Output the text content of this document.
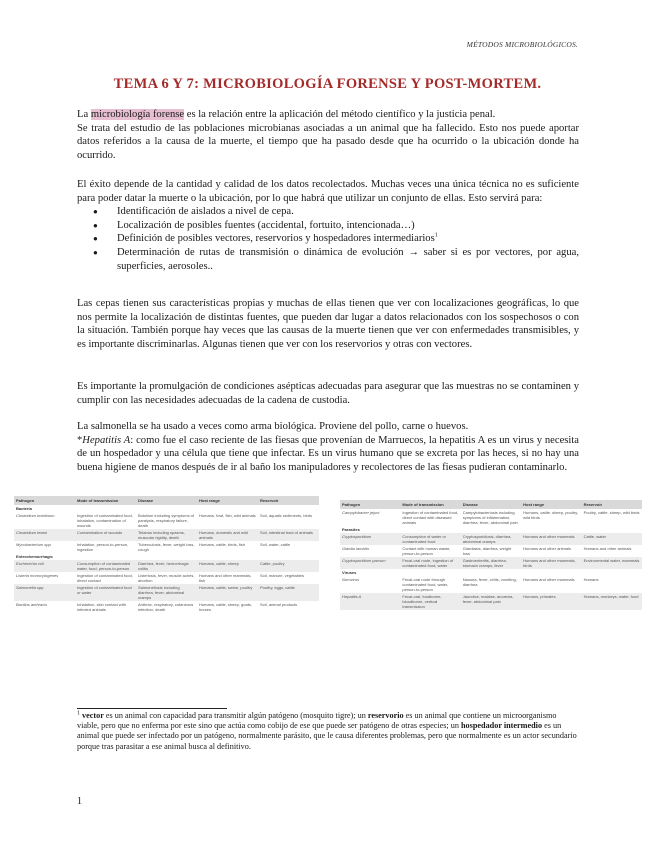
MÉTODOS MICROBIOLÓGICOS.
TEMA 6 Y 7: MICROBIOLOGÍA FORENSE Y POST-MORTEM.

La microbiología forense es la relación entre la aplicación del método científico y la justicia penal.

Se trata del estudio de las poblaciones microbianas asociadas a un animal que ha fallecido. Esto nos puede aportar datos referidos a la causa de la muerte, el tiempo que ha pasado desde que ha ocurrido o la ubicación donde ha ocurrido.

El éxito depende de la cantidad y calidad de los datos recolectados. Muchas veces una única técnica no es suficiente para poder datar la muerte o la ubicación, por lo que habrá que utilizar un conjunto de ellas. Esto servirá para:

● Identificación de aislados a nivel de cepa.
● Localización de posibles fuentes (accidental, fortuito, intencionada…)
● Definición de posibles vectores, reservorios y hospedadores intermediarios$^1$
● Determinación de rutas de transmisión o dinámica de evolución → saber si es por vectores, por agua, superficies, aerosoles..
Las cepas tienen sus características propias y muchas de ellas tienen que ver con localizaciones geográficas, lo que nos permite la localización de distintas fuentes, que pueden dar lugar a datos relacionados con los sospechosos o con la situación. También porque hay veces que las causas de la muerte tienen que ver con enfermedades transmisibles, y es importante discriminarlas. Algunas tienen que ver con los reservorios y otras con vectores.
Es importante la promulgación de condiciones asépticas adecuadas para asegurar que las muestras no se contaminen y cumplir con las necesidades adecuadas de la cadena de custodia.

La salmonella se ha usado a veces como arma biológica. Proviene del pollo, carne o huevos.

*Hepatitis A: como fue el caso reciente de las fiesas que provenían de Marruecos, la hepatitis A es un virus y necesita de un hospedador y una célula que tiene que infectar. Es un virus humano que se excreta por las heces, si no hay una buena higiene de manos después de ir al baño los manipuladores y recolectores de las fiesas pudieran contaminarlo.

Pathogen	Mode of transmission	Disease	Host range	Reservoir
Bacteria				
Clostridium botulinum	Ingestion of contaminated food, inhalation, contamination of wounds	Botulism including symptoms of paralysis, respiratory failure, death	Humans, fowl, fish, wild animals	Soil, aquatic sediments, birds
Clostridium tetani	Contamination of wounds	Tetanus including spasms, muscular rigidity, death	Humans, domestic and wild animals	Soil, intestinal tract of animals
Mycobacterium spp.	Inhalation, person-to-person, ingestion	Tuberculosis, fever, weight loss, cough	Humans, cattle, birds, fish	Soil, water, cattle
Enterohemorrhagic				
Escherichia coli	Consumption of contaminated water, food, person-to-person	Diarrhea, fever, hemorrhagic colitis	Humans, cattle, sheep	Cattle, poultry
Listeria monocytogenes	Ingestion of contaminated food, direct contact	Listeriosis, fever, muscle aches, abortion	Humans and other mammals, fish	Soil, manure, vegetables
Salmonella spp.	Ingestion of contaminated food or water	Salmonellosis including diarrhea, fever, abdominal cramps	Humans, cattle, swine, poultry	Poultry, eggs, cattle
Bacillus anthracis	Inhalation, skin contact with infected animals	Anthrax, respiratory, cutaneous infection, death	Humans, cattle, sheep, goats, horses	Soil, animal products
Pathogen	Mode of transmission	Disease	Host range	Reservoir
Campylobacter jejuni	Ingestion of contaminated food, direct contact with diseased animals	Campylobacteriosis including symptoms of inflammation, diarrhea, fever, abdominal pain	Humans, cattle, sheep, poultry, wild birds	Poultry, cattle, sheep, wild birds
Parasites				
Cryptosporidium	Consumption of water or contaminated food	Cryptosporidiosis, diarrhea, abdominal cramps	Humans and other mammals	Cattle, water
Giardia lamblia	Contact with human waste, person-to-person	Giardiasis, diarrhea, weight loss	Humans and other animals	Humans and other animals
Cryptosporidium parvum	Fecal-oral route, ingestion of contaminated food, water	Gastroenteritis, diarrhea, stomach cramps, fever	Humans and other mammals, birds	Environmental water, mammals
Viruses				
Norovirus	Fecal-oral route through contaminated food, water, person-to-person	Nausea, fever, chills, vomiting, diarrhea	Humans and other mammals	Humans
Hepatitis A	Fecal-oral, foodborne, bloodborne, vertical transmission	Jaundice, malaise, anorexia, fever, abdominal pain	Humans, primates	Humans, monkeys, water, food
$^1$ vector es un animal con capacidad para transmitir algún patógeno (mosquito tigre); un reservorio es un animal que contiene un microorganismo viable, pero que no enferma por este sino que actúa como cobijo de ese que puede ser patógeno de otras especies; un hospedador intermedio es un animal que puede ser infectado por un patógeno, normalmente parásito, que le causa diferentes problemas, pero que normalmente es un actor secundario porque tras parasitar a ese animal busca al definitivo.
1
